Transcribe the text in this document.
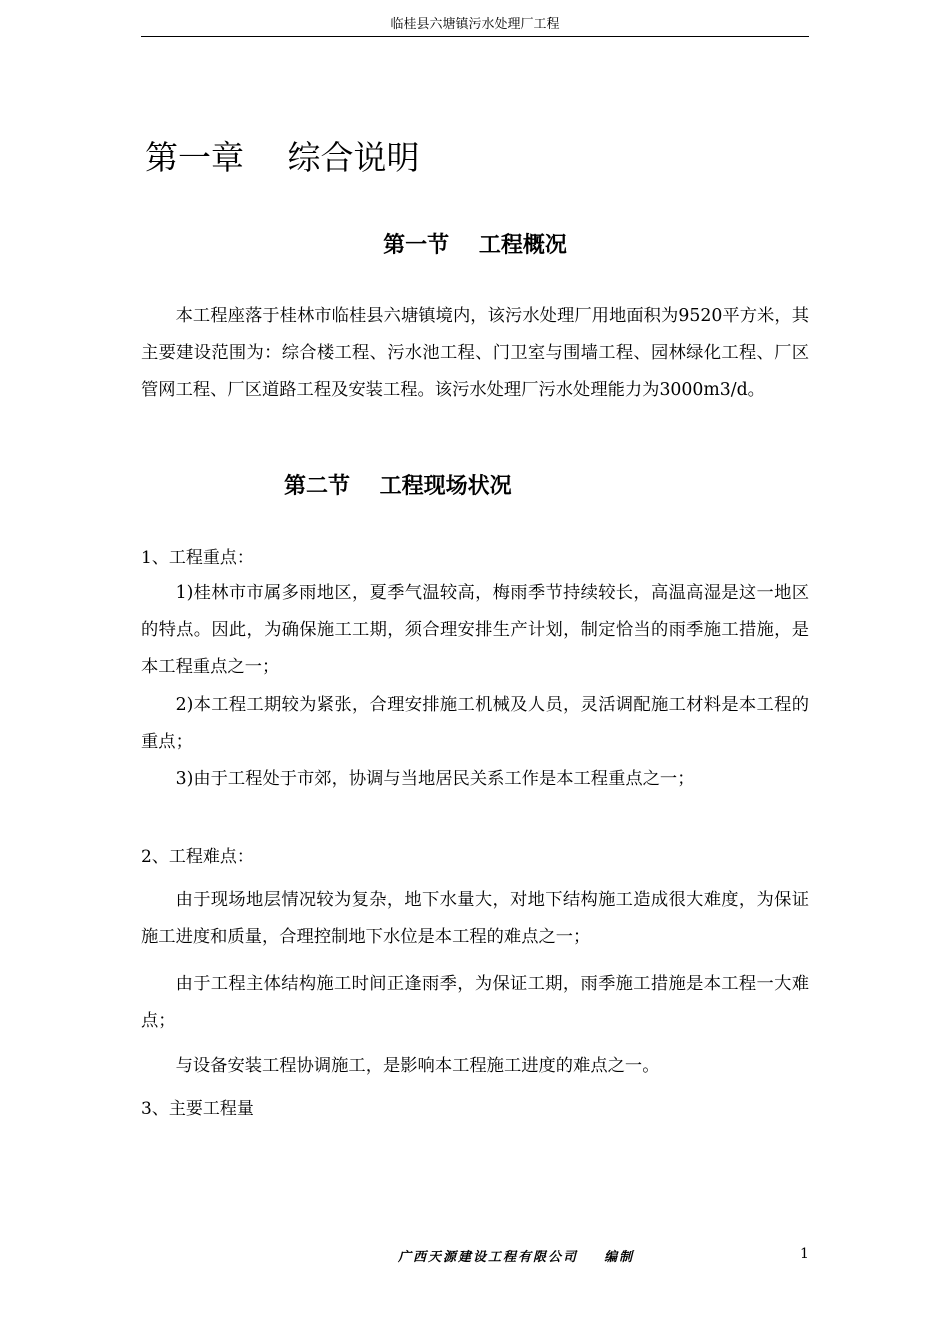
临桂县六塘镇污水处理厂工程
第一章　 综合说明
第一节　 工程概况

本工程座落于桂林市临桂县六塘镇境内，该污水处理厂用地面积为9520平方米，其主要建设范围为：综合楼工程、污水池工程、门卫室与围墙工程、园林绿化工程、厂区管网工程、厂区道路工程及安装工程。该污水处理厂污水处理能力为3000m3/d。

第二节　 工程现场状况

1、工程重点：

1)桂林市市属多雨地区，夏季气温较高，梅雨季节持续较长，高温高湿是这一地区的特点。因此，为确保施工工期，须合理安排生产计划，制定恰当的雨季施工措施，是本工程重点之一；

2)本工程工期较为紧张，合理安排施工机械及人员，灵活调配施工材料是本工程的重点；

3)由于工程处于市郊，协调与当地居民关系工作是本工程重点之一；

2、工程难点：

由于现场地层情况较为复杂，地下水量大，对地下结构施工造成很大难度，为保证施工进度和质量，合理控制地下水位是本工程的难点之一；

由于工程主体结构施工时间正逢雨季，为保证工期，雨季施工措施是本工程一大难点；

与设备安装工程协调施工，是影响本工程施工进度的难点之一。

3、主要工程量

广西天源建设工程有限公司    编制	1
